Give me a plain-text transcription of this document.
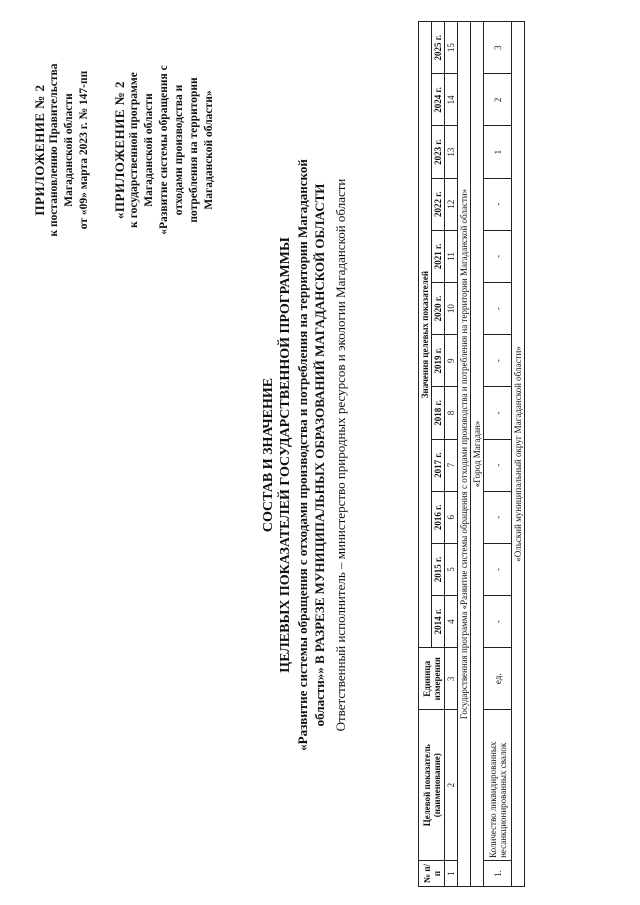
ПРИЛОЖЕНИЕ № 2 к постановлению Правительства Магаданской области от «09» марта 2023 г. № 147-пп «ПРИЛОЖЕНИЕ № 2 к государственной программе Магаданской области «Развитие системы обращения с отходами производства и потребления на территории Магаданской области»
СОСТАВ И ЗНАЧЕНИЕ ЦЕЛЕВЫХ ПОКАЗАТЕЛЕЙ ГОСУДАРСТВЕННОЙ ПРОГРАММЫ «Развитие системы обращения с отходами производства и потребления на территории Магаданской области»» В РАЗРЕЗЕ МУНИЦИПАЛЬНЫХ ОБРАЗОВАНИЙ МАГАДАНСКОЙ ОБЛАСТИ Ответственный исполнитель – министерство природных ресурсов и экологии Магаданской области
№ п/п	Целевой показатель (наименование)	Единица измерения	Значения целевых показателей											
			2014 г.	2015 г.	2016 г.	2017 г.	2018 г.	2019 г.	2020 г.	2021 г.	2022 г.	2023 г.	2024 г.	2025 г.
1	2	3	4	5	6	7	8	9	10	11	12	13	14	15
Государственная программа «Развитие системы обращения с отходами производства и потребления на территории Магаданской области»														
«Город Магадан»														
1.	Количество ликвидированных несанкционированных свалок	ед.	-	-	-	-	-	-	-	-	-	1	2	3
«Ольский муниципальный округ Магаданской области»														
